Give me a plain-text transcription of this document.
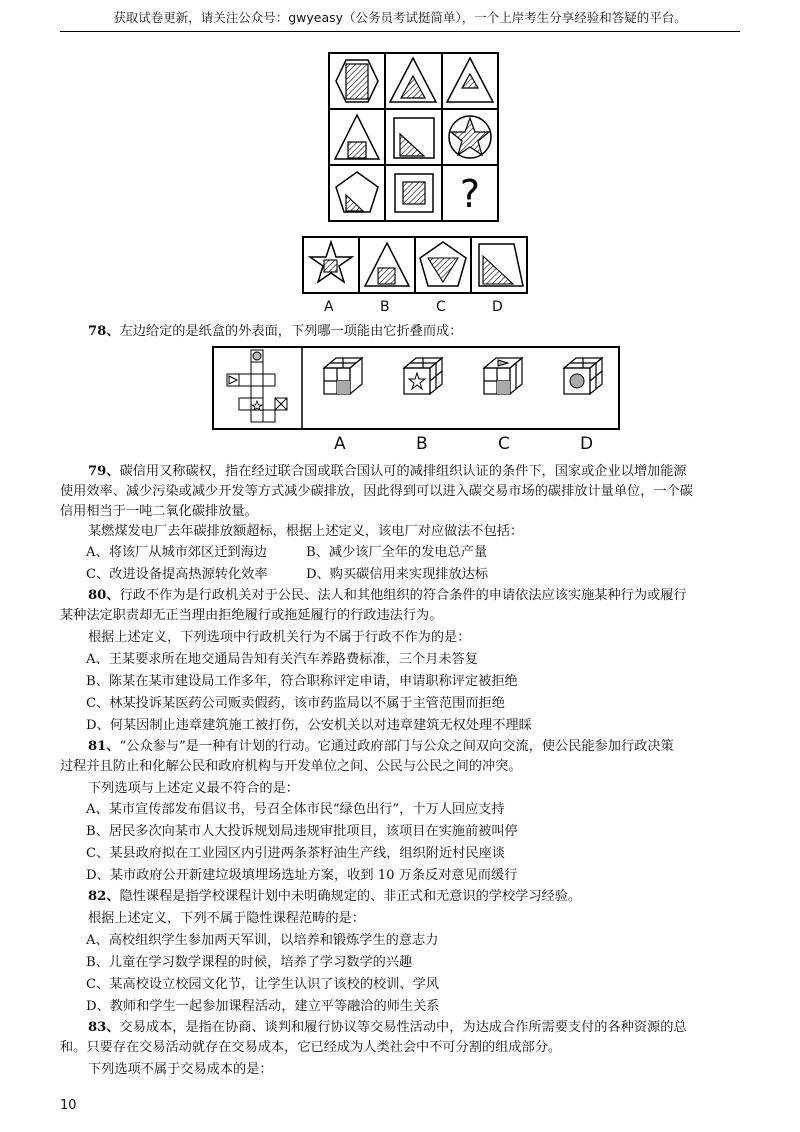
获取试卷更新，请关注公众号：gwyeasy（公务员考试挺简单），一个上岸考生分享经验和答疑的平台。
?
A	B	C	D
78、左边给定的是纸盒的外表面，下列哪一项能由它折叠而成：
A	B	C	D
79、碳信用又称碳权，指在经过联合国或联合国认可的减排组织认证的条件下，国家或企业以增加能源
使用效率、减少污染或减少开发等方式减少碳排放，因此得到可以进入碳交易市场的碳排放计量单位，一个碳
信用相当于一吨二氧化碳排放量。
某燃煤发电厂去年碳排放额超标，根据上述定义，该电厂对应做法不包括：
A、将该厂从城市郊区迁到海边	B、减少该厂全年的发电总产量
C、改进设备提高热源转化效率	D、购买碳信用来实现排放达标
80、行政不作为是行政机关对于公民、法人和其他组织的符合条件的申请依法应该实施某种行为或履行
某种法定职责却无正当理由拒绝履行或拖延履行的行政违法行为。
根据上述定义，下列选项中行政机关行为不属于行政不作为的是：
A、王某要求所在地交通局告知有关汽车养路费标准，三个月未答复
B、陈某在某市建设局工作多年，符合职称评定申请，申请职称评定被拒绝
C、林某投诉某医药公司贩卖假药，该市药监局以不属于主管范围而拒绝
D、何某因制止违章建筑施工被打伤，公安机关以对违章建筑无权处理不理睬
81、“公众参与”是一种有计划的行动。它通过政府部门与公众之间双向交流，使公民能参加行政决策
过程并且防止和化解公民和政府机构与开发单位之间、公民与公民之间的冲突。
下列选项与上述定义最不符合的是：
A、某市宣传部发布倡议书，号召全体市民“绿色出行”，十万人回应支持
B、居民多次向某市人大投诉规划局违规审批项目，该项目在实施前被叫停
C、某县政府拟在工业园区内引进两条茶籽油生产线，组织附近村民座谈
D、某市政府公开新建垃圾填埋场选址方案，收到 10 万条反对意见而缓行
82、隐性课程是指学校课程计划中未明确规定的、非正式和无意识的学校学习经验。
根据上述定义，下列不属于隐性课程范畴的是：
A、高校组织学生参加两天军训，以培养和锻炼学生的意志力
B、儿童在学习数学课程的时候，培养了学习数学的兴趣
C、某高校设立校园文化节，让学生认识了该校的校训、学风
D、教师和学生一起参加课程活动，建立平等融洽的师生关系
83、交易成本，是指在协商、谈判和履行协议等交易性活动中，为达成合作所需要支付的各种资源的总
和。只要存在交易活动就存在交易成本，它已经成为人类社会中不可分割的组成部分。
下列选项不属于交易成本的是：
10
